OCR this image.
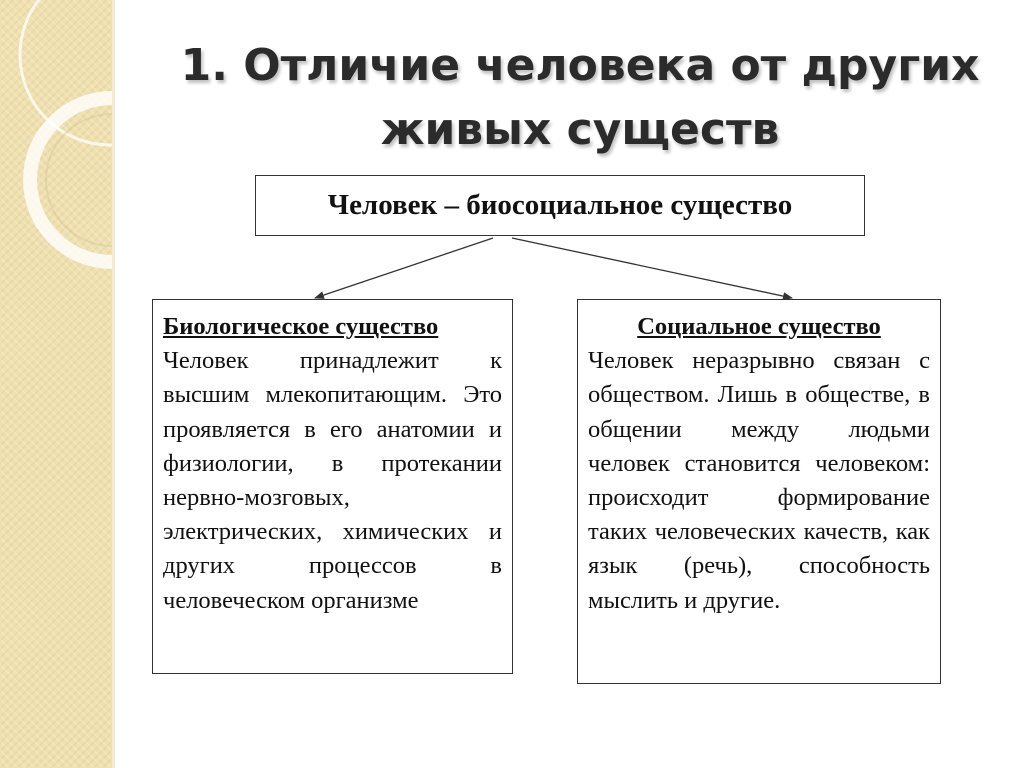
1. Отличие человека от других
живых существ
Человек – биосоциальное существо
Биологическое существо
Человек принадлежит к высшим млекопитающим. Это проявляется в его анатомии и физиологии, в протекании нервно-мозговых, электрических, химических и других процессов в человеческом организме
Социальное существо
Человек неразрывно связан с обществом. Лишь в обществе, в общении между людьми человек становится человеком: происходит формирование таких человеческих качеств, как язык (речь), способность мыслить и другие.
